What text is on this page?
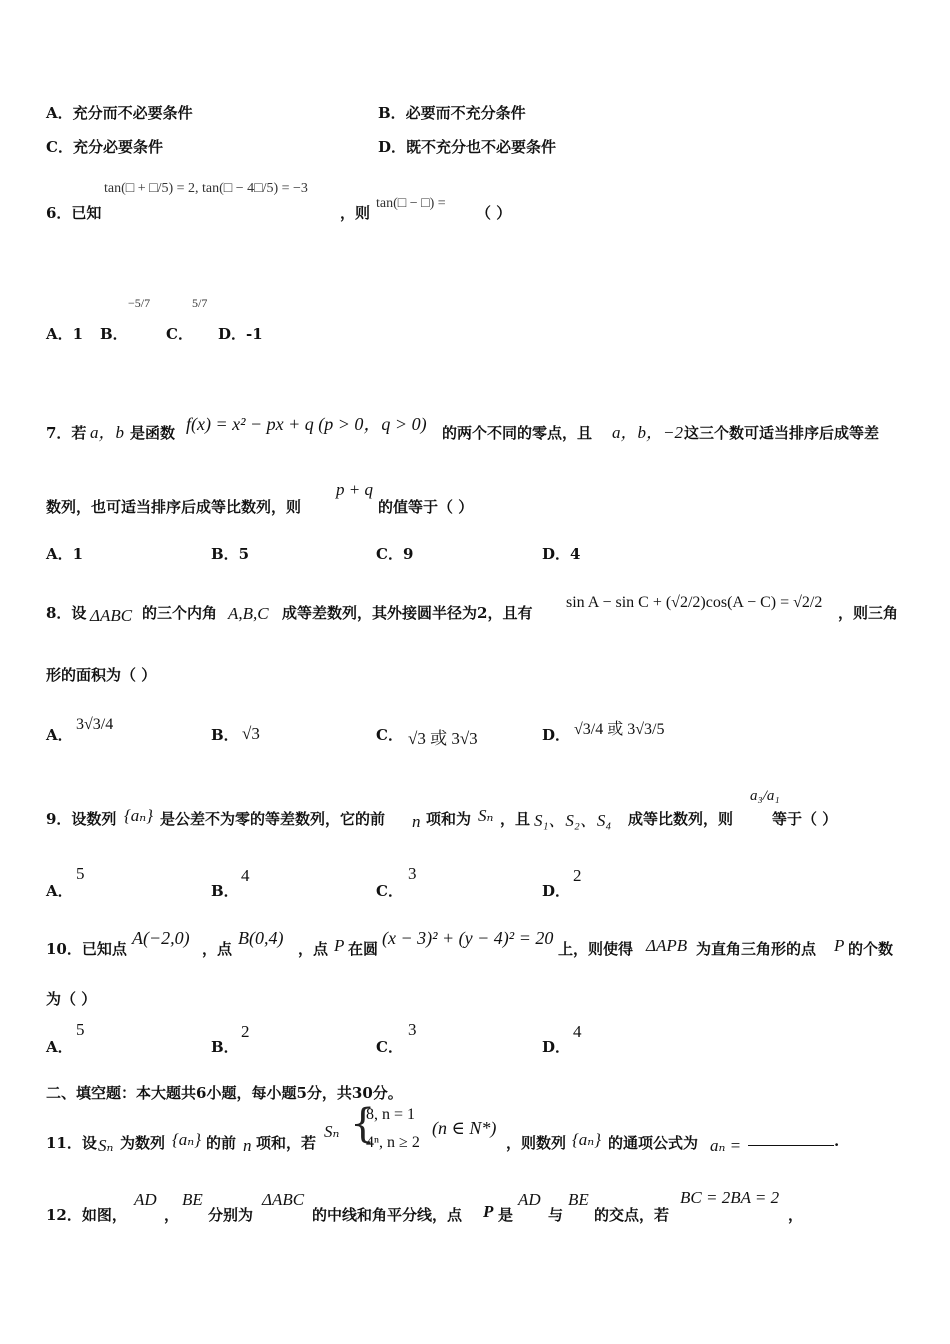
A．充分而不必要条件	B．必要而不充分条件
C．充分必要条件	D．既不充分也不必要条件
6．已知
tan(□ + □/5) = 2, tan(□ − 4□/5) = −3
，则
tan(□ − □) =
（ ）
A．1 B．
−5/7
C．
5/7
D．-1
7．若 a，b 是函数 f(x) = x² − px + q (p > 0，q > 0) 的两个不同的零点，且 a，b，−2 这三个数可适当排序后成等差
数列，也可适当排序后成等比数列，则
p + q
的值等于（ ）
A．1	B．5	C．9	D．4
8．设 ΔABC 的三个内角 A,B,C 成等差数列，其外接圆半径为2，且有
sin A − sin C + (√2/2)cos(A − C) = √2/2
，则三角
形的面积为（ ）
A．
3√3/4
B． √3	C． √3 或 3√3	D． √3/4 或 3√3/5
9．设数列 {aₙ} 是公差不为零的等差数列，它的前 n 项和为 Sₙ ，且 S₁、S₂、S₄ 成等比数列，则
a₃/a₁
等于（ ）
A．
5
B．
4
C．
3
D．
2
10．已知点
A(−2,0)
，点
B(0,4)
，点 P 在圆
(x − 3)² + (y − 4)² = 20
上，则使得 ΔAPB 为直角三角形的点 P 的个数
为（ ）
A．
5
B．
2
C．
3
D．
4
二、填空题：本大题共6小题，每小题5分，共30分。
11．设 Sₙ 为数列 {aₙ} 的前 n 项和，若
Sₙ {
8, n = 1
4ⁿ, n ≥ 2
(n ∈ N*)
，则数列 {aₙ} 的通项公式为 aₙ =	.
12．如图，
AD
，
BE
分别为
ΔABC
的中线和角平分线，点 P 是
AD
与
BE
的交点，若
BC = 2BA = 2
，
